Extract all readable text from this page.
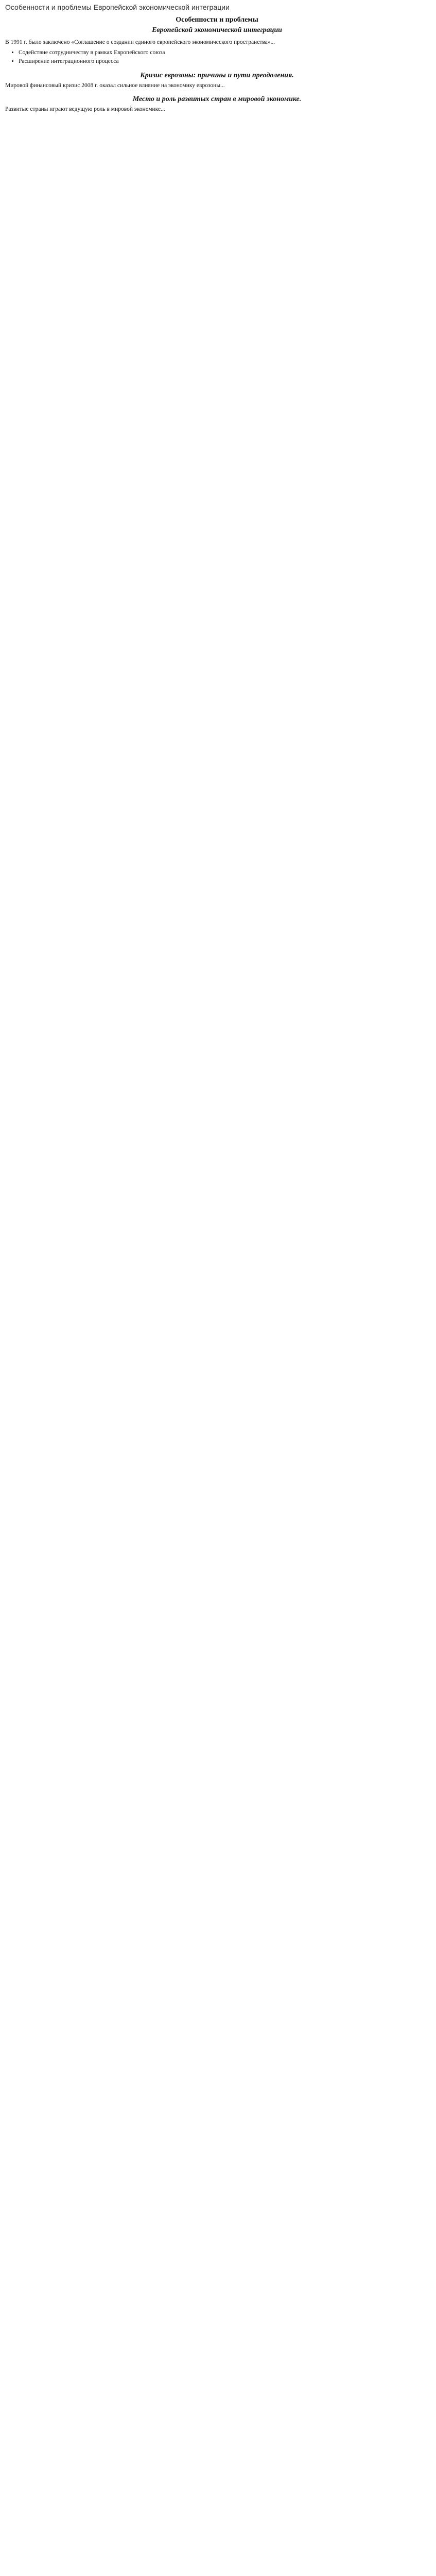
Особенности и проблемы Европейской экономической интеграции
Особенности и проблемы
Европейской экономической интеграции

В 1991 г. было заключено «Соглашение о создании единого европейского экономического пространства»...

• Содействие сотрудничеству в рамках Европейского союза
• Расширение интеграционного процесса
Кризис еврозоны: причины и пути преодоления.

Мировой финансовый кризис 2008 г. оказал сильное влияние на экономику еврозоны...

Место и роль развитых стран в мировой экономике.

Развитые страны играют ведущую роль в мировой экономике...
